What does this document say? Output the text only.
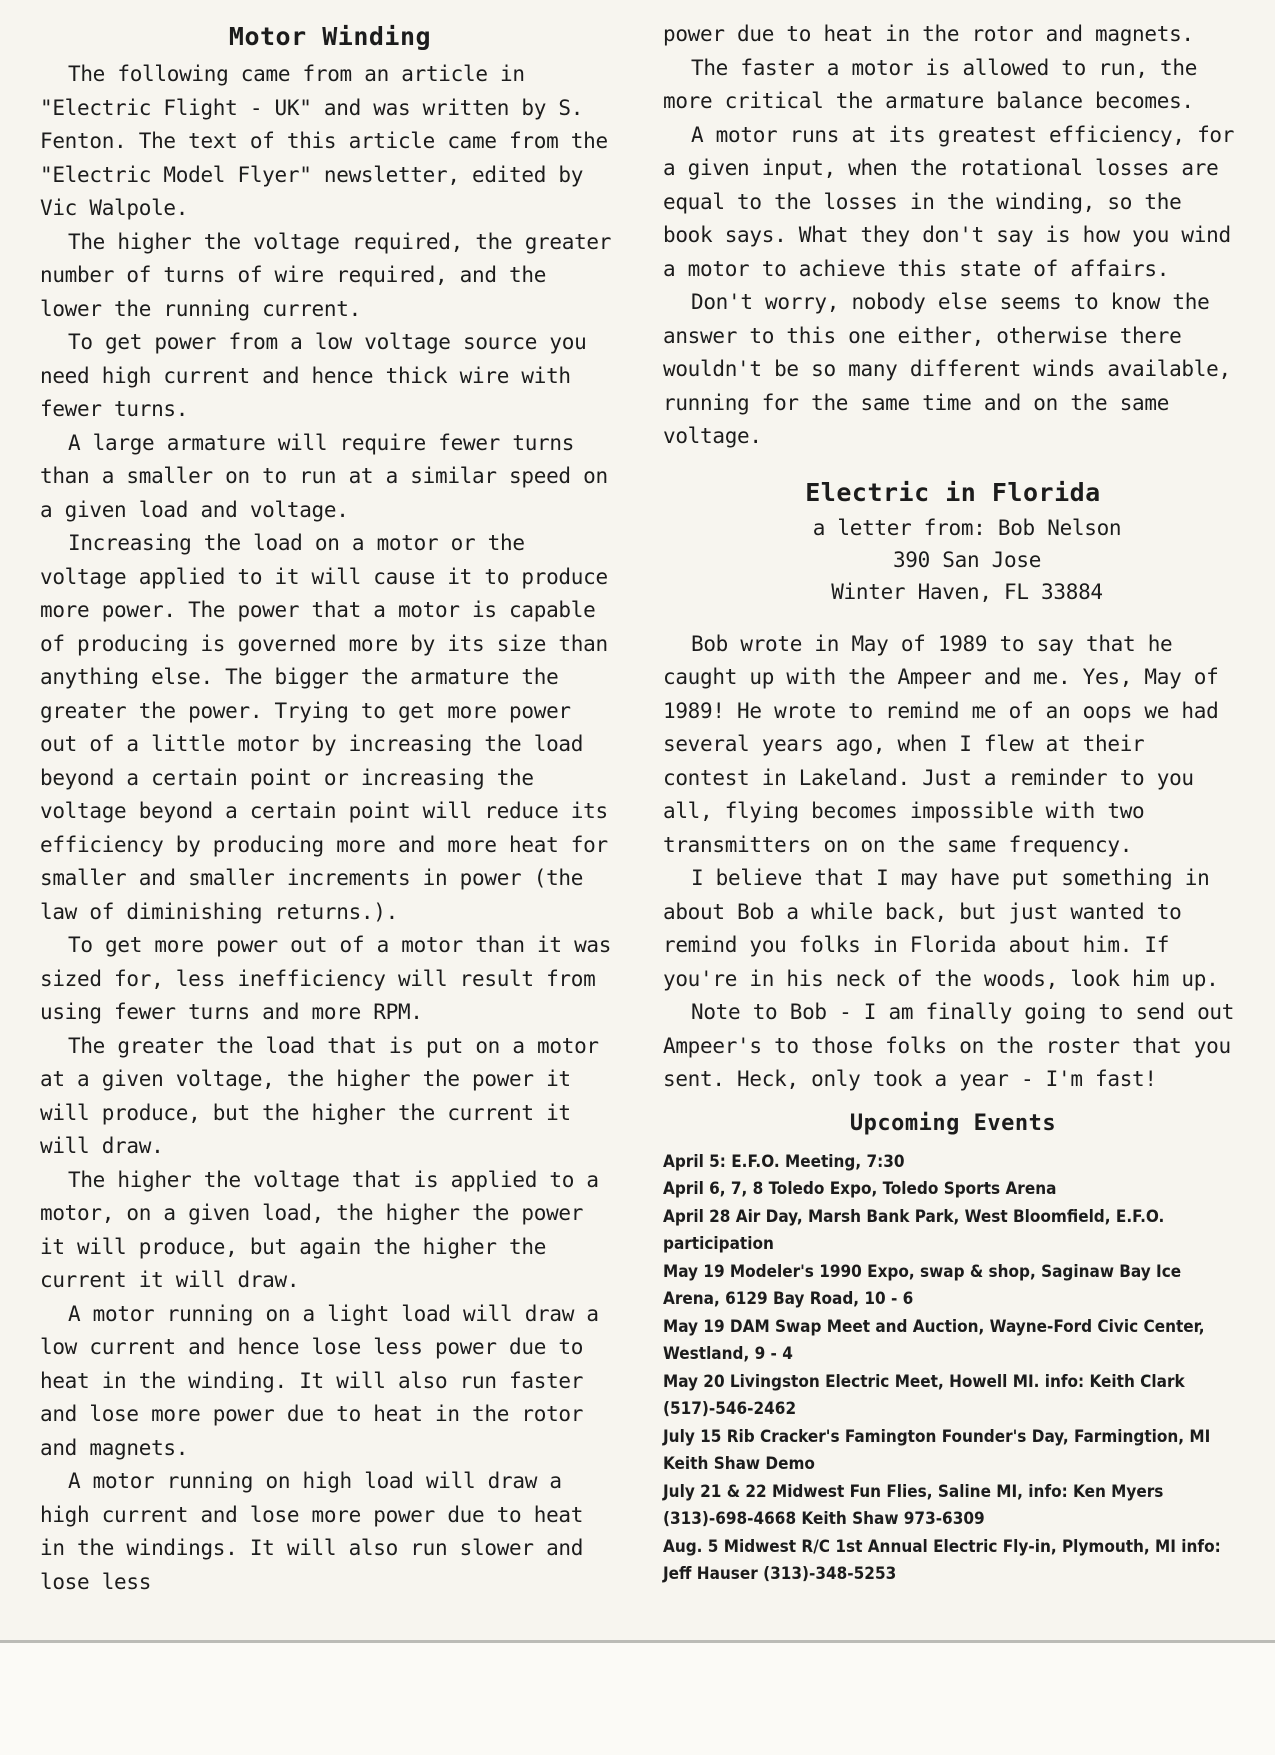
Motor Winding

The following came from an article in "Electric Flight - UK" and was written by S. Fenton. The text of this article came from the "Electric Model Flyer" newsletter, edited by Vic Walpole.

The higher the voltage required, the greater number of turns of wire required, and the lower the running current.

To get power from a low voltage source you need high current and hence thick wire with fewer turns.

A large armature will require fewer turns than a smaller on to run at a similar speed on a given load and voltage.

Increasing the load on a motor or the voltage applied to it will cause it to produce more power. The power that a motor is capable of producing is governed more by its size than anything else. The bigger the armature the greater the power. Trying to get more power out of a little motor by increasing the load beyond a certain point or increasing the voltage beyond a certain point will reduce its efficiency by producing more and more heat for smaller and smaller increments in power (the law of diminishing returns.).

To get more power out of a motor than it was sized for, less inefficiency will result from using fewer turns and more RPM.

The greater the load that is put on a motor at a given voltage, the higher the power it will produce, but the higher the current it will draw.

The higher the voltage that is applied to a motor, on a given load, the higher the power it will produce, but again the higher the current it will draw.

A motor running on a light load will draw a low current and hence lose less power due to heat in the winding. It will also run faster and lose more power due to heat in the rotor and magnets.

A motor running on high load will draw a high current and lose more power due to heat in the windings. It will also run slower and lose less

power due to heat in the rotor and magnets.

The faster a motor is allowed to run, the more critical the armature balance becomes.

A motor runs at its greatest efficiency, for a given input, when the rotational losses are equal to the losses in the winding, so the book says. What they don't say is how you wind a motor to achieve this state of affairs.

Don't worry, nobody else seems to know the answer to this one either, otherwise there wouldn't be so many different winds available, running for the same time and on the same voltage.

Electric in Florida

a letter from: Bob Nelson

390 San Jose

Winter Haven, FL 33884

Bob wrote in May of 1989 to say that he caught up with the Ampeer and me. Yes, May of 1989! He wrote to remind me of an oops we had several years ago, when I flew at their contest in Lakeland. Just a reminder to you all, flying becomes impossible with two transmitters on on the same frequency.

I believe that I may have put something in about Bob a while back, but just wanted to remind you folks in Florida about him. If you're in his neck of the woods, look him up.

Note to Bob - I am finally going to send out Ampeer's to those folks on the roster that you sent. Heck, only took a year - I'm fast!

Upcoming Events
April 5: E.F.O. Meeting, 7:30
April 6, 7, 8 Toledo Expo, Toledo Sports Arena
April 28 Air Day, Marsh Bank Park, West Bloomfield, E.F.O. participation
May 19 Modeler's 1990 Expo, swap & shop, Saginaw Bay Ice Arena, 6129 Bay Road, 10 - 6
May 19 DAM Swap Meet and Auction, Wayne-Ford Civic Center, Westland, 9 - 4
May 20 Livingston Electric Meet, Howell MI. info: Keith Clark (517)-546-2462
July 15 Rib Cracker's Famington Founder's Day, Farmingtion, MI Keith Shaw Demo
July 21 & 22 Midwest Fun Flies, Saline MI, info: Ken Myers (313)-698-4668 Keith Shaw 973-6309
Aug. 5 Midwest R/C 1st Annual Electric Fly-in, Plymouth, MI info: Jeff Hauser (313)-348-5253
